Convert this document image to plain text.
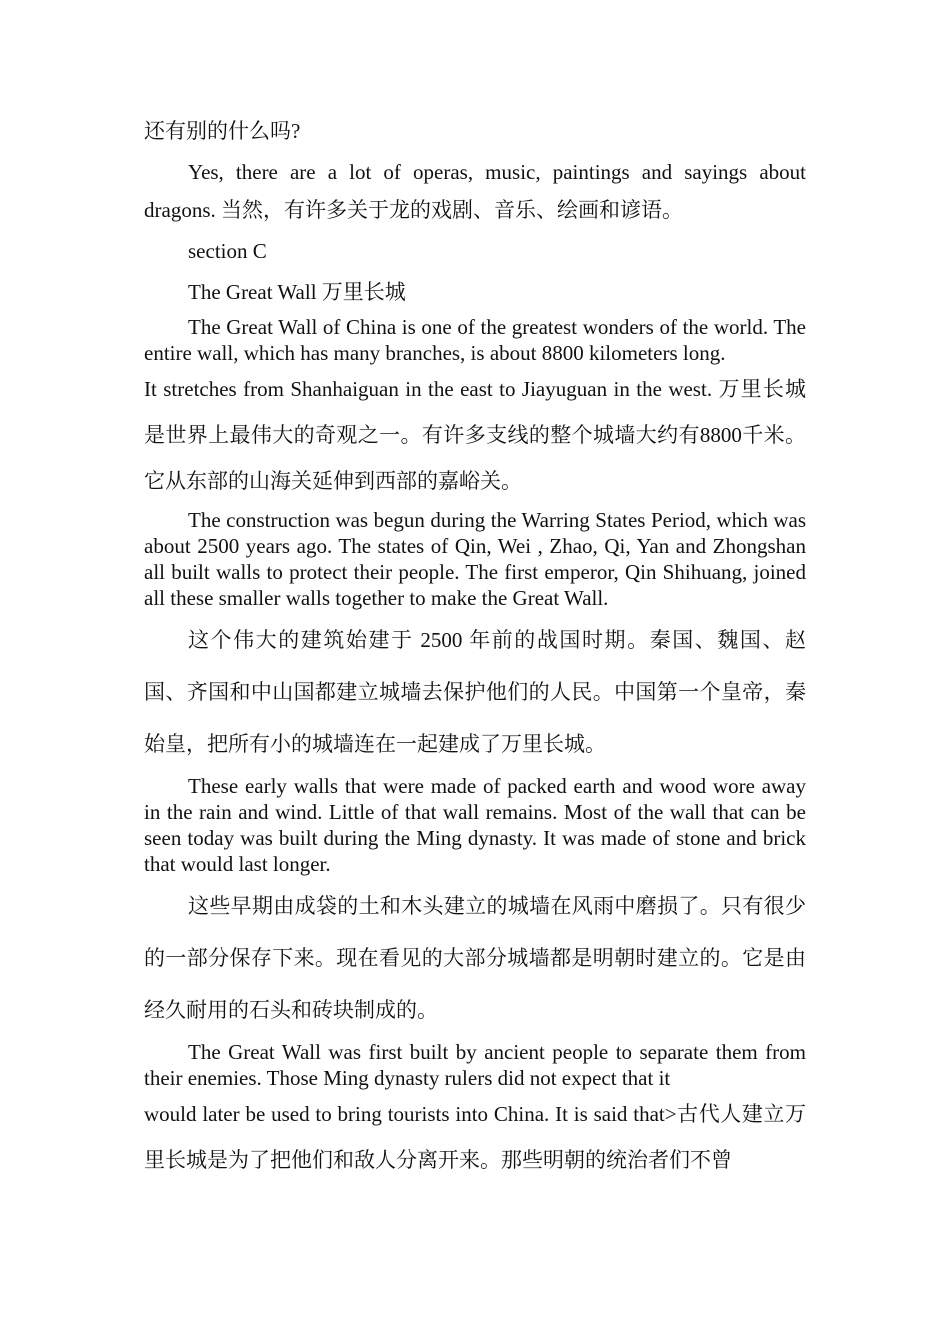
还有别的什么吗?

Yes, there are a lot of operas, music, paintings and sayings about dragons. 当然，有许多关于龙的戏剧、音乐、绘画和谚语。

section C

The Great Wall 万里长城

The Great Wall of China is one of the greatest wonders of the world. The entire wall, which has many branches, is about 8800 kilometers long.

It stretches from Shanhaiguan in the east to Jiayuguan in the west. 万里长城是世界上最伟大的奇观之一。有许多支线的整个城墙大约有8800千米。它从东部的山海关延伸到西部的嘉峪关。

The construction was begun during the Warring States Period, which was about 2500 years ago. The states of Qin, Wei , Zhao, Qi, Yan and Zhongshan all built walls to protect their people. The first emperor, Qin Shihuang, joined all these smaller walls together to make the Great Wall.

这个伟大的建筑始建于 2500 年前的战国时期。秦国、魏国、赵国、齐国和中山国都建立城墙去保护他们的人民。中国第一个皇帝，秦始皇，把所有小的城墙连在一起建成了万里长城。

These early walls that were made of packed earth and wood wore away in the rain and wind. Little of that wall remains. Most of the wall that can be seen today was built during the Ming dynasty. It was made of stone and brick that would last longer.

这些早期由成袋的土和木头建立的城墙在风雨中磨损了。只有很少的一部分保存下来。现在看见的大部分城墙都是明朝时建立的。它是由经久耐用的石头和砖块制成的。

The Great Wall was first built by ancient people to separate them from their enemies. Those Ming dynasty rulers did not expect that it

would later be used to bring tourists into China. It is said that>古代人建立万里长城是为了把他们和敌人分离开来。那些明朝的统治者们不曾
